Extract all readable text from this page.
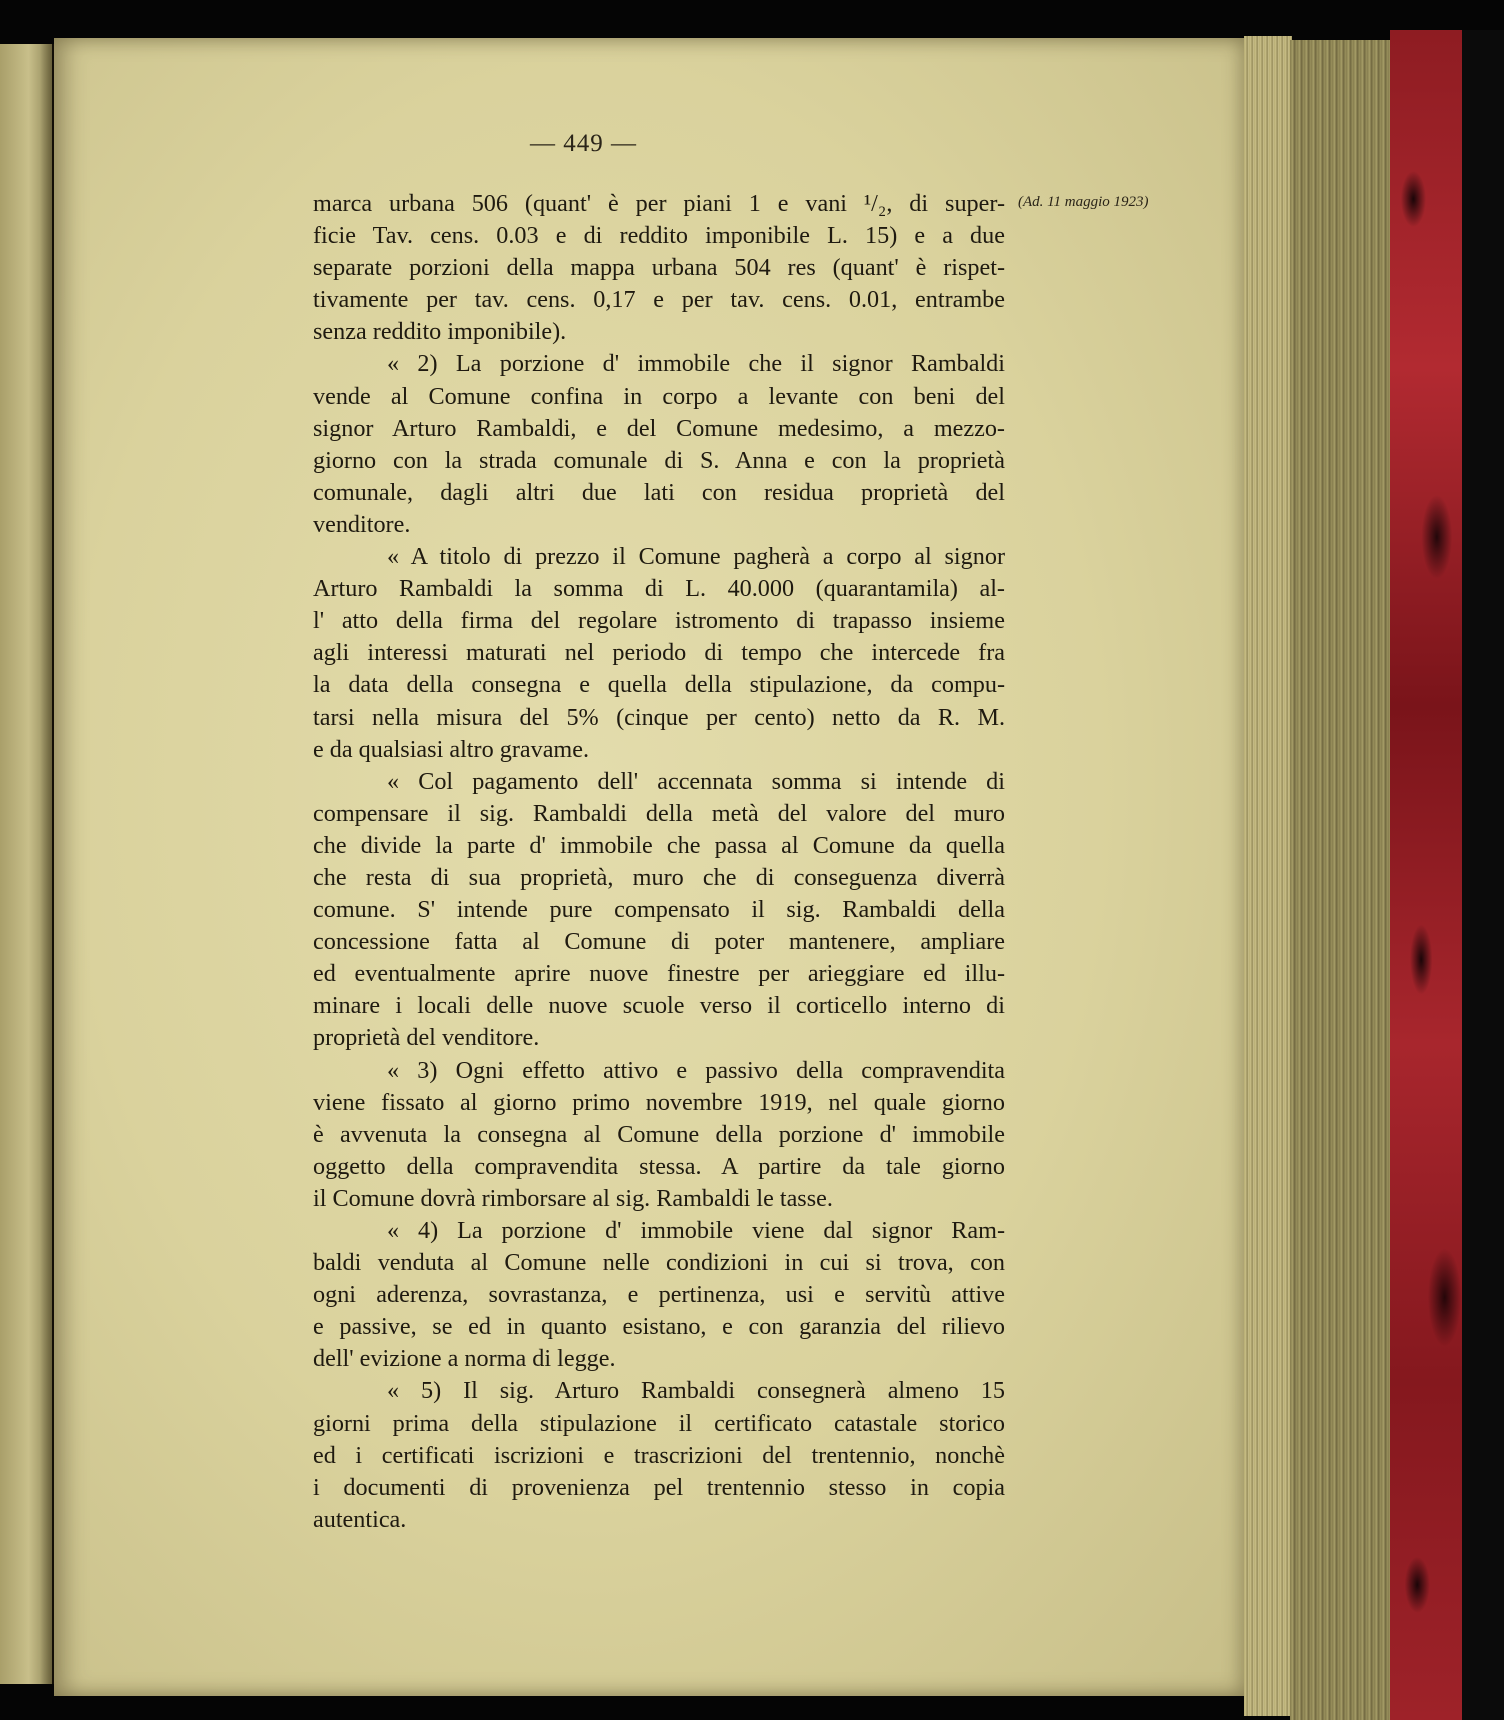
— 449 —
(Ad. 11 maggio 1923)
marca urbana 506 (quant' è per piani 1 e vani ¹/₂, di super-
ficie Tav. cens. 0.03 e di reddito imponibile L. 15) e a due
separate porzioni della mappa urbana 504 res (quant' è rispet-
tivamente per tav. cens. 0,17 e per tav. cens. 0.01, entrambe
senza reddito imponibile).
« 2) La porzione d' immobile che il signor Rambaldi
vende al Comune confina in corpo a levante con beni del
signor Arturo Rambaldi, e del Comune medesimo, a mezzo-
giorno con la strada comunale di S. Anna e con la proprietà
comunale, dagli altri due lati con residua proprietà del
venditore.
« A titolo di prezzo il Comune pagherà a corpo al signor
Arturo Rambaldi la somma di L. 40.000 (quarantamila) al-
l' atto della firma del regolare istromento di trapasso insieme
agli interessi maturati nel periodo di tempo che intercede fra
la data della consegna e quella della stipulazione, da compu-
tarsi nella misura del 5% (cinque per cento) netto da R. M.
e da qualsiasi altro gravame.
« Col pagamento dell' accennata somma si intende di
compensare il sig. Rambaldi della metà del valore del muro
che divide la parte d' immobile che passa al Comune da quella
che resta di sua proprietà, muro che di conseguenza diverrà
comune. S' intende pure compensato il sig. Rambaldi della
concessione fatta al Comune di poter mantenere, ampliare
ed eventualmente aprire nuove finestre per arieggiare ed illu-
minare i locali delle nuove scuole verso il corticello interno di
proprietà del venditore.
« 3) Ogni effetto attivo e passivo della compravendita
viene fissato al giorno primo novembre 1919, nel quale giorno
è avvenuta la consegna al Comune della porzione d' immobile
oggetto della compravendita stessa. A partire da tale giorno
il Comune dovrà rimborsare al sig. Rambaldi le tasse.
« 4) La porzione d' immobile viene dal signor Ram-
baldi venduta al Comune nelle condizioni in cui si trova, con
ogni aderenza, sovrastanza, e pertinenza, usi e servitù attive
e passive, se ed in quanto esistano, e con garanzia del rilievo
dell' evizione a norma di legge.
« 5) Il sig. Arturo Rambaldi consegnerà almeno 15
giorni prima della stipulazione il certificato catastale storico
ed i certificati iscrizioni e trascrizioni del trentennio, nonchè
i documenti di provenienza pel trentennio stesso in copia
autentica.
